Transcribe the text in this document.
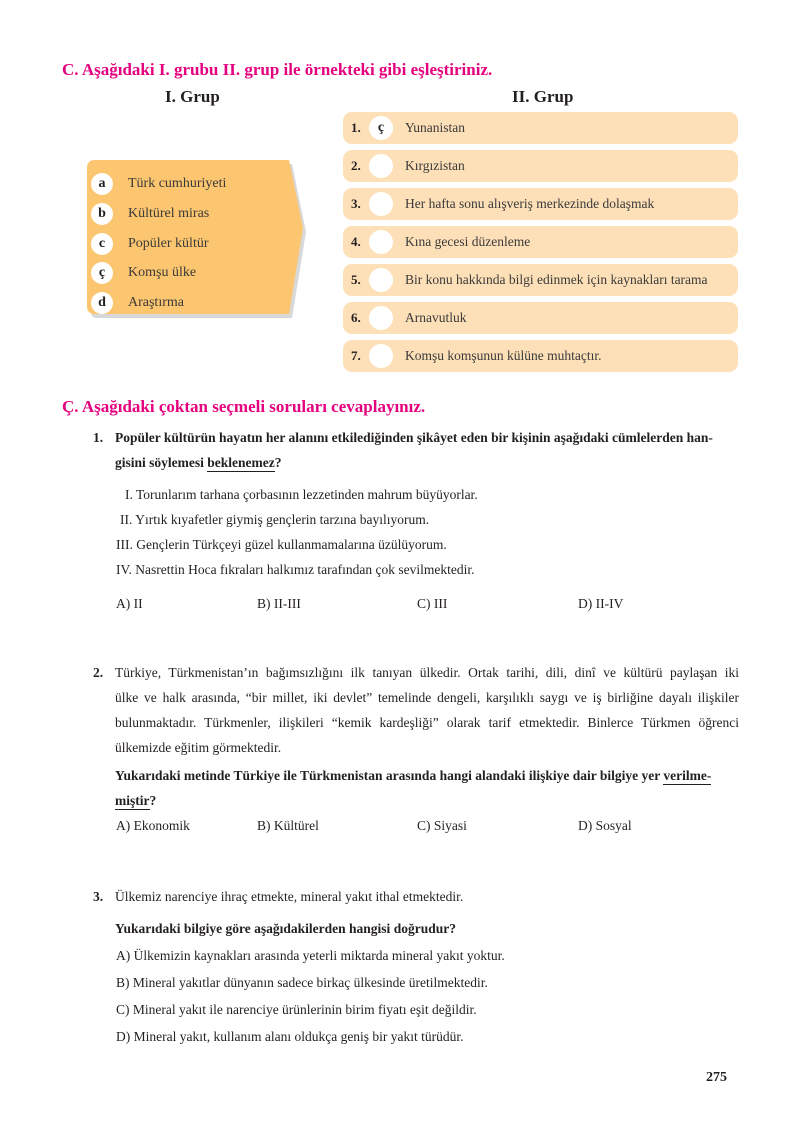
C. Aşağıdaki I. grubu II. grup ile örnekteki gibi eşleştiriniz.
I. Grup	II. Grup
a	Türk cumhuriyeti
b	Kültürel miras
c	Popüler kültür
ç	Komşu ülke
d	Araştırma
1.	ç	Yunanistan
2.	Kırgızistan
3.	Her hafta sonu alışveriş merkezinde dolaşmak
4.	Kına gecesi düzenleme
5.	Bir konu hakkında bilgi edinmek için kaynakları tarama
6.	Arnavutluk
7.	Komşu komşunun külüne muhtaçtır.
Ç. Aşağıdaki çoktan seçmeli soruları cevaplayınız.
1. Popüler kültürün hayatın her alanını etkilediğinden şikâyet eden bir kişinin aşağıdaki cümlelerden han-
gisini söylemesi beklenemez?
I. Torunlarım tarhana çorbasının lezzetinden mahrum büyüyorlar.
II. Yırtık kıyafetler giymiş gençlerin tarzına bayılıyorum.
III. Gençlerin Türkçeyi güzel kullanmamalarına üzülüyorum.
IV. Nasrettin Hoca fıkraları halkımız tarafından çok sevilmektedir.
A) II	B) II-III	C) III	D) II-IV
2. Türkiye, Türkmenistan’ın bağımsızlığını ilk tanıyan ülkedir. Ortak tarihi, dili, dinî ve kültürü paylaşan iki
ülke ve halk arasında, “bir millet, iki devlet” temelinde dengeli, karşılıklı saygı ve iş birliğine dayalı ilişkiler
bulunmaktadır. Türkmenler, ilişkileri “kemik kardeşliği” olarak tarif etmektedir. Binlerce Türkmen öğrenci
ülkemizde eğitim görmektedir.
Yukarıdaki metinde Türkiye ile Türkmenistan arasında hangi alandaki ilişkiye dair bilgiye yer verilme-
miştir?
A) Ekonomik	B) Kültürel	C) Siyasi	D) Sosyal
3. Ülkemiz narenciye ihraç etmekte, mineral yakıt ithal etmektedir.
Yukarıdaki bilgiye göre aşağıdakilerden hangisi doğrudur?
A) Ülkemizin kaynakları arasında yeterli miktarda mineral yakıt yoktur.
B) Mineral yakıtlar dünyanın sadece birkaç ülkesinde üretilmektedir.
C) Mineral yakıt ile narenciye ürünlerinin birim fiyatı eşit değildir.
D) Mineral yakıt, kullanım alanı oldukça geniş bir yakıt türüdür.
275
